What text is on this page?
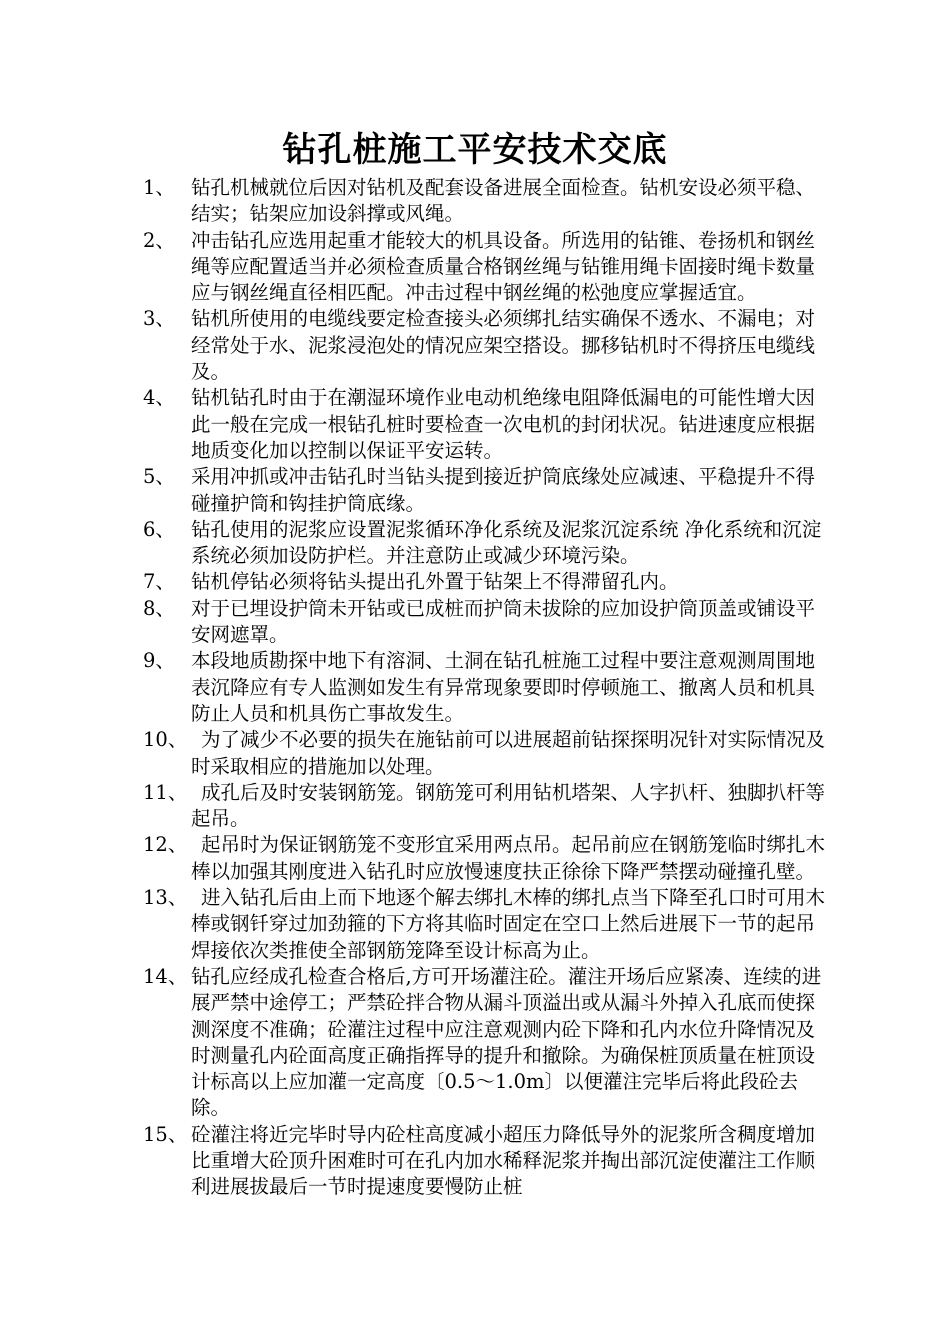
钻孔桩施工平安技术交底
1、 钻孔机械就位后因对钻机及配套设备进展全面检查。钻机安设必须平稳、结实；钻架应加设斜撑或风绳。
2、 冲击钻孔应选用起重才能较大的机具设备。所选用的钻锥、卷扬机和钢丝绳等应配置适当并必须检查质量合格钢丝绳与钻锥用绳卡固接时绳卡数量应与钢丝绳直径相匹配。冲击过程中钢丝绳的松弛度应掌握适宜。
3、 钻机所使用的电缆线要定检查接头必须绑扎结实确保不透水、不漏电；对经常处于水、泥浆浸泡处的情况应架空搭设。挪移钻机时不得挤压电缆线及。
4、 钻机钻孔时由于在潮湿环境作业电动机绝缘电阻降低漏电的可能性增大因此一般在完成一根钻孔桩时要检查一次电机的封闭状况。钻进速度应根据地质变化加以控制以保证平安运转。
5、 采用冲抓或冲击钻孔时当钻头提到接近护筒底缘处应减速、平稳提升不得碰撞护筒和钩挂护筒底缘。
6、 钻孔使用的泥浆应设置泥浆循环净化系统及泥浆沉淀系统 净化系统和沉淀系统必须加设防护栏。并注意防止或减少环境污染。
7、 钻机停钻必须将钻头提出孔外置于钻架上不得滞留孔内。
8、 对于已埋设护筒未开钻或已成桩而护筒未拔除的应加设护筒顶盖或铺设平安网遮罩。
9、 本段地质勘探中地下有溶洞、土洞在钻孔桩施工过程中要注意观测周围地表沉降应有专人监测如发生有异常现象要即时停顿施工、撤离人员和机具防止人员和机具伤亡事故发生。
10、 为了减少不必要的损失在施钻前可以进展超前钻探探明况针对实际情况及时采取相应的措施加以处理。
11、 成孔后及时安装钢筋笼。钢筋笼可利用钻机塔架、人字扒杆、独脚扒杆等起吊。
12、 起吊时为保证钢筋笼不变形宜采用两点吊。起吊前应在钢筋笼临时绑扎木棒以加强其刚度进入钻孔时应放慢速度扶正徐徐下降严禁摆动碰撞孔壁。
13、 进入钻孔后由上而下地逐个解去绑扎木棒的绑扎点当下降至孔口时可用木棒或钢钎穿过加劲箍的下方将其临时固定在空口上然后进展下一节的起吊焊接依次类推使全部钢筋笼降至设计标高为止。
14、 钻孔应经成孔检查合格后,方可开场灌注砼。灌注开场后应紧凑、连续的进展严禁中途停工；严禁砼拌合物从漏斗顶溢出或从漏斗外掉入孔底而使探测深度不准确；砼灌注过程中应注意观测内砼下降和孔内水位升降情况及时测量孔内砼面高度正确指挥导的提升和撤除。为确保桩顶质量在桩顶设计标高以上应加灌一定高度〔0.5～1.0m〕以便灌注完毕后将此段砼去除。
15、 砼灌注将近完毕时导内砼柱高度减小超压力降低导外的泥浆所含稠度增加比重增大砼顶升困难时可在孔内加水稀释泥浆并掏出部沉淀使灌注工作顺利进展拔最后一节时提速度要慢防止桩
